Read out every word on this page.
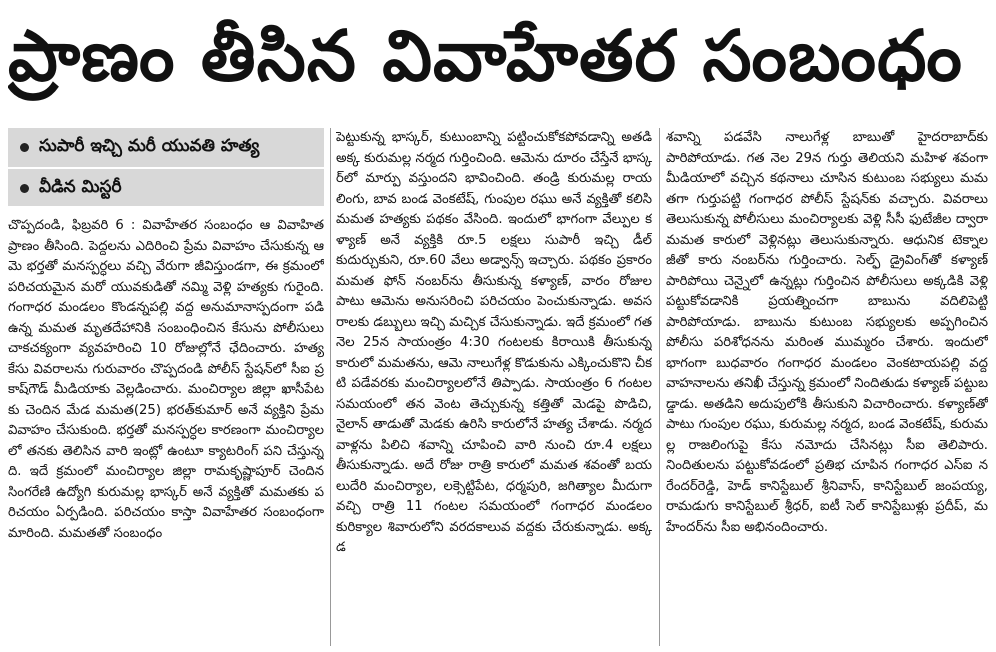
ప్రాణం తీసిన వివాహేతర సంబంధం
సుపారీ ఇచ్చి మరీ యువతి హత్య
వీడిన మిస్టరీ
చొప్పదండి, ఫిబ్రవరి 6 : వివాహేతర సంబంధం ఆ వివాహిత ప్రాణం తీసింది. పెద్దలను ఎదిరించి ప్రేమ వివాహం చేసుకున్న ఆమె భర్తతో మనస్పర్ధలు వచ్చి వేరుగా జీవిస్తుండగా, ఈ క్రమంలో పరిచయమైన మరో యువకుడితో నమ్మి వెళ్లి హత్యకు గురైంది. గంగాధర మండలం కొండన్నపల్లి వద్ద అనుమానాస్పదంగా పడి ఉన్న మమత మృతదేహానికి సంబంధించిన కేసును పోలీసులు చాకచక్యంగా వ్యవహరించి 10 రోజుల్లోనే ఛేదించారు. హత్య కేసు వివరాలను గురువారం చొప్పదండి పోలీస్ స్టేషన్‌లో సీఐ ప్రకాష్‌గౌడ్ మీడియాకు వెల్లడించారు. మంచిర్యాల జిల్లా ఖాసీపేటకు చెందిన మేడ మమత(25) భరత్‌కుమార్ అనే వ్యక్తిని ప్రేమ వివాహం చేసుకుంది. భర్తతో మనస్పర్ధల కారణంగా మంచిర్యాలలో తనకు తెలిసిన వారి ఇంట్లో ఉంటూ క్యాటరింగ్ పని చేస్తున్నది. ఇదే క్రమంలో మంచిర్యాల జిల్లా రామకృష్ణాపూర్ చెందిన సింగరేణి ఉద్యోగి కురుమల్ల భాస్కర్ అనే వ్యక్తితో మమతకు పరిచయం ఏర్పడింది. పరిచయం కాస్తా వివాహేతర సంబంధంగా మారింది. మమతతో సంబంధం
పెట్టుకున్న భాస్కర్, కుటుంబాన్ని పట్టించుకోకపోవడాన్ని అతడి అక్క కురుమల్ల నర్మద గుర్తించింది. ఆమెను దూరం చేస్తేనే భాస్కర్‌లో మార్పు వస్తుందని భావించింది. తండ్రి కురుమల్ల రాయలింగు, బావ బండ వెంకటేష్, గుంపుల రఘు అనే వ్యక్తితో కలిసి మమత హత్యకు పథకం వేసింది. ఇందులో భాగంగా వేల్పుల కళ్యాణ్ అనే వ్యక్తికి రూ.5 లక్షలు సుపారీ ఇచ్చి డీల్ కుదుర్చుకుని, రూ.60 వేలు అడ్వాన్స్ ఇచ్చారు. పథకం ప్రకారం మమత ఫోన్ నంబర్‌ను తీసుకున్న కళ్యాణ్, వారం రోజుల పాటు ఆమెను అనుసరించి పరిచయం పెంచుకున్నాడు. అవసరాలకు డబ్బులు ఇచ్చి మచ్చిక చేసుకున్నాడు. ఇదే క్రమంలో గత నెల 25న సాయంత్రం 4:30 గంటలకు కిరాయికి తీసుకున్న కారులో మమతను, ఆమె నాలుగేళ్ల కొడుకును ఎక్కించుకొని చీకటి పడేవరకు మంచిర్యాలలోనే తిప్పాడు. సాయంత్రం 6 గంటల సమయంలో తన వెంట తెచ్చుకున్న కత్తితో మెడపై పొడిచి, నైలాన్ తాడుతో మెడకు ఉరిసి కారులోనే హత్య చేశాడు. నర్మద వాళ్లను పిలిచి శవాన్ని చూపించి వారి నుంచి రూ.4 లక్షలు తీసుకున్నాడు. అదే రోజు రాత్రి కారులో మమత శవంతో బయలుదేరి మంచిర్యాల, లక్సెట్టిపేట, ధర్మపురి, జగిత్యాల మీదుగా వచ్చి రాత్రి 11 గంటల సమయంలో గంగాధర మండలం కురిక్యాల శివారులోని వరదకాలువ వద్దకు చేరుకున్నాడు. అక్కడ
శవాన్ని పడవేసి నాలుగేళ్ల బాబుతో హైదరాబాద్‌కు పారిపోయాడు. గత నెల 29న గుర్తు తెలియని మహిళ శవంగా మీడియాలో వచ్చిన కథనాలు చూసిన కుటుంబ సభ్యులు మమతగా గుర్తుపట్టి గంగాధర పోలీస్ స్టేషన్‌కు వచ్చారు. వివరాలు తెలుసుకున్న పోలీసులు మంచిర్యాలకు వెళ్లి సీసీ ఫుటేజీల ద్వారా మమత కారులో వెళ్లినట్లు తెలుసుకున్నారు. ఆధునిక టెక్నాలజీతో కారు నంబర్‌ను గుర్తించారు. సెల్ఫ్ డ్రైవింగ్‌తో కళ్యాణ్ పారిపోయి చెన్నైలో ఉన్నట్లు గుర్తించిన పోలీసులు అక్కడికి వెళ్లి పట్టుకోవడానికి ప్రయత్నించగా బాబును వదిలిపెట్టి పారిపోయాడు. బాబును కుటుంబ సభ్యులకు అప్పగించిన పోలీసు పరిశోధనను మరింత ముమ్మరం చేశారు. ఇందులో భాగంగా బుధవారం గంగాధర మండలం వెంకటాయపల్లి వద్ద వాహనాలను తనిఖీ చేస్తున్న క్రమంలో నిందితుడు కళ్యాణ్ పట్టుబడ్డాడు. అతడిని అదుపులోకి తీసుకుని విచారించారు. కళ్యాణ్‌తో పాటు గుంపుల రఘు, కురుమల్ల నర్మద, బండ వెంకటేష్, కురుమల్ల రాజలింగుపై కేసు నమోదు చేసినట్లు సీఐ తెలిపారు. నిందితులను పట్టుకోవడంలో ప్రతిభ చూపిన గంగాధర ఎస్ఐ నరేందర్‌రెడ్డి, హెడ్ కానిస్టేబుల్ శ్రీనివాస్, కానిస్టేబుల్ జంపయ్య, రామడుగు కానిస్టేబుల్ శ్రీధర్, ఐటీ సెల్ కానిస్టేబుళ్లు ప్రదీప్, మహేందర్‌ను సీఐ అభినందించారు.
